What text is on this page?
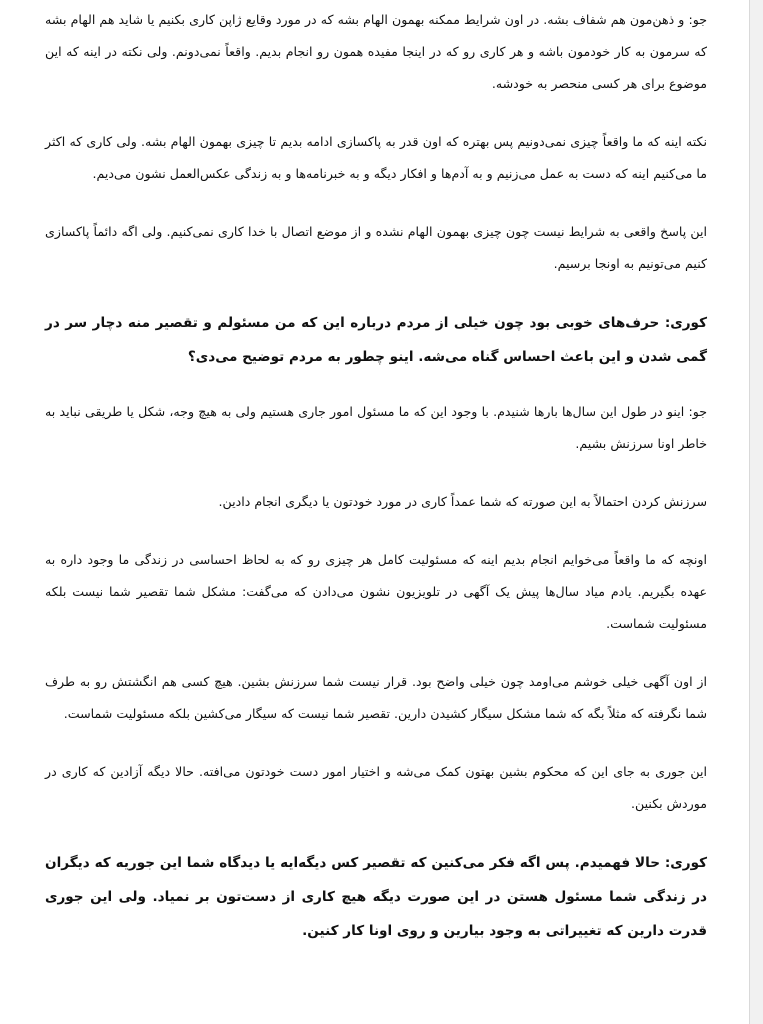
جو: و ذهن‌مون هم شفاف بشه. در اون شرایط ممکنه بهمون الهام بشه که در مورد وقایع ژاپن کاری بکنیم یا شاید هم الهام بشه که سرمون به کار خودمون باشه و هر کاری رو که در اینجا مفیده همون رو انجام بدیم. واقعاً نمی‌دونم. ولی نکته در اینه که این موضوع برای هر کسی منحصر به خودشه.

نکته اینه که ما واقعاً چیزی نمی‌دونیم پس بهتره که اون قدر به پاکسازی ادامه بدیم تا چیزی بهمون الهام بشه. ولی کاری که اکثر ما می‌کنیم اینه که دست به عمل می‌زنیم و به آدم‌ها و افکار دیگه و به خبرنامه‌ها و به زندگی عکس‌العمل نشون می‌دیم.

این پاسخ واقعی به شرایط نیست چون چیزی بهمون الهام نشده و از موضع اتصال با خدا کاری نمی‌کنیم. ولی اگه دائماً پاکسازی کنیم می‌تونیم به اونجا برسیم.

کوری: حرف‌های خوبی بود چون خیلی از مردم درباره این که من مسئولم و تقصیر منه دچار سر در گمی شدن و این باعث احساس گناه می‌شه. اینو چطور به مردم توضیح می‌دی؟

جو: اینو در طول این سال‌ها بارها شنیدم. با وجود این که ما مسئول امور جاری هستیم ولی به هیچ وجه، شکل یا طریقی نباید به خاطر اونا سرزنش بشیم.

سرزنش کردن احتمالاً به این صورته که شما عمداً کاری در مورد خودتون یا دیگری انجام دادین.

اونچه که ما واقعاً می‌خوایم انجام بدیم اینه که مسئولیت کامل هر چیزی رو که به لحاظ احساسی در زندگی ما وجود داره به عهده بگیریم. یادم میاد سال‌ها پیش یک آگهی در تلویزیون نشون می‌دادن که می‌گفت: مشکل شما تقصیر شما نیست بلکه مسئولیت شماست.

از اون آگهی خیلی خوشم می‌اومد چون خیلی واضح بود. قرار نیست شما سرزنش بشین. هیچ کسی هم انگشتش رو به طرف شما نگرفته که مثلاً بگه که شما مشکل سیگار کشیدن دارین. تقصیر شما نیست که سیگار می‌کشین بلکه مسئولیت شماست.

این جوری به جای این که محکوم بشین بهتون کمک می‌شه و اختیار امور دست خودتون می‌افته. حالا دیگه آزادین که کاری در موردش بکنین.

کوری: حالا فهمیدم. پس اگه فکر می‌کنین که تقصیر کس دیگه‌ایه یا دیدگاه شما این جوریه که دیگران در زندگی شما مسئول هستن در این صورت دیگه هیچ کاری از دست‌تون بر نمیاد. ولی این جوری قدرت دارین که تغییراتی به وجود بیارین و روی اونا کار کنین.
